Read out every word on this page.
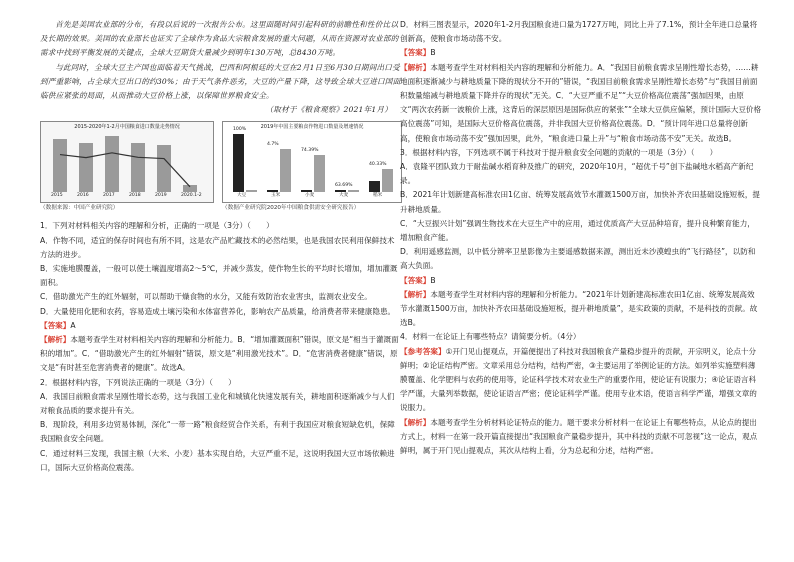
首先是美国农业部的分布，有段以后说的一次报告公布。这里面随时间引起科研的前瞻性和性价比以及长期的效果。美国的农业部长也证实了全球作为食品大宗粮食发展的重大问题，从而在资源对农业部的需求中找到平衡发展的关键点，全球大豆期货大量减少到明年130万吨，总8430万吨。

与此同时，全球大豆主产国也面临着天气挑战，巴西和阿根廷的大豆在2月1日至6月30日期间出口受到严重影响，占全球大豆出口的约30%；由于天气条件恶劣，大豆的产量下降，这导致全球大豆进口国面临供应紧张的局面，从而推动大豆价格上涨，以保障世界粮食安全。

（取材于《粮食观察》2021年1月）

2015-2020年1-2月中国粮食进口数量走势情况
2015	2016	2017	2018	2019	2020.1-2
2019年中国主要粮食作物进口数量及增速情况
100%
大豆
4.7%
玉米
74.39%
小麦
63.69%
大麦
40.33%
稻米
（数据来源：中国产业研究院）	（数据产业研究院2020年中国粮食供需安全研究报告）

1．下列对材料相关内容的理解和分析，正确的一项是（3分）（　　）

A．作物不同，适宜的保存时间也有所不同，这是农产品贮藏技术的必然结果，也是我国农民利用保鲜技术方法的进步。

B．实施地膜覆盖，一般可以使土壤温度增高2～5℃，并减少蒸发，使作物生长的平均时长增加，增加灌溉面积。

C．借助激光产生的红外辐射，可以帮助干燥食物的水分，又能有效防治农业害虫，监测农业安全。

D．大量使用化肥和农药，容易造成土壤污染和水体富营养化，影响农产品质量，给消费者带来健康隐患。

【答案】A

【解析】本题考查学生对材料相关内容的理解和分析能力。B．“增加灌溉面积”错误，原文是“相当于灌溉面积的增加”。C．“借助激光产生的红外辐射”错误，原文是“利用激光技术”。D．“危害消费者健康”错误，原文是“有时甚至危害消费者的健康”。故选A。

2．根据材料内容，下列说法正确的一项是（3分）（　　）

A．我国目前粮食需求呈刚性增长态势，这与我国工业化和城镇化快速发展有关，耕地面积逐渐减少与人们对粮食品质的要求提升有关。

B．现阶段，利用多边贸易体制，深化“一带一路”粮食经贸合作关系，有利于我国应对粮食短缺危机，保障我国粮食安全问题。

C．通过材料三发现，我国主粮（大米、小麦）基本实现自给，大豆严重不足，这说明我国大豆市场依赖进口，国际大豆价格高位震荡。

D．材料三图表显示，2020年1-2月我国粮食进口量为1727万吨，同比上升了7.1%，预计全年进口总量将创新高，使粮食市场动荡不安。

【答案】B

【解析】本题考查学生对材料相关内容的理解和分析能力。A．“我国目前粮食需求呈刚性增长态势，……耕地面积逐渐减少与耕地质量下降的现状分不开的”错误，“我国目前粮食需求呈刚性增长态势”与“我国目前面积数量缩减与耕地质量下降并存的现状”无关。C．“大豆严重不足”“大豆价格高位震荡”强加因果，由原文“两次农药新一波粮价上涨，这背后的深层原因是国际供应的紧张”“全球大豆供应偏紧，预计国际大豆价格高位震荡”可知，是国际大豆价格高位震荡，并非我国大豆价格高位震荡。D．“预计同年进口总量将创新高，使粮食市场动荡不安”强加因果，此外，“粮食进口量上升”与“粮食市场动荡不安”无关。故选B。

3．根据材料内容，下列选项不属于科技对于提升粮食安全问题的贡献的一项是（3分）（　　）

A．袁隆平团队致力于耐盐碱水稻育种及推广的研究，2020年10月，“超优千号”创下盐碱地水稻高产新纪录。

B．2021年计划新建高标准农田1亿亩、统筹发展高效节水灌溉1500万亩，加快补齐农田基础设施短板，提升耕地质量。

C．“大豆振兴计划”强调生物技术在大豆生产中的应用，通过优质高产大豆品种培育，提升良种繁育能力，增加粮食产能。

D．利用遥感监测，以中低分辨率卫星影像为主要遥感数据来源，测出近未沙漠蝗虫的“飞行路径”，以防和高大负面。

【答案】B

【解析】本题考查学生对材料内容的理解和分析能力。“2021年计划新建高标准农田1亿亩、统筹发展高效节水灌溉1500万亩，加快补齐农田基础设施短板，提升耕地质量”，是实政策的贡献，不是科技的贡献。故选B。

4．材料一在论证上有哪些特点？请简要分析。（4分）

【参考答案】①开门见山提观点，开篇便提出了科技对我国粮食产量稳步提升的贡献，开宗明义，论点十分鲜明；②论证结构严密。文章采用总分结构，结构严密，③主要运用了举例论证的方法。如列举实施塑料薄膜覆盖、化学肥料与农药的使用等，论证科学技术对农业生产的重要作用，使论证有说服力；④论证语言科学严谨，大量列举数据，使论证语言严密；使论证科学严谨。使用专业术语，使语言科学严谨，增强文章的说服力。

【解析】本题考查学生分析材料论证特点的能力。题干要求分析材料一在论证上有哪些特点，从论点的提出方式上，材料一在第一段开篇直接提出“我国粮食产量稳步提升，其中科技的贡献不可忽视”这一论点，观点鲜明，属于开门见山提观点，其次从结构上看，分为总起和分述，结构严密。
